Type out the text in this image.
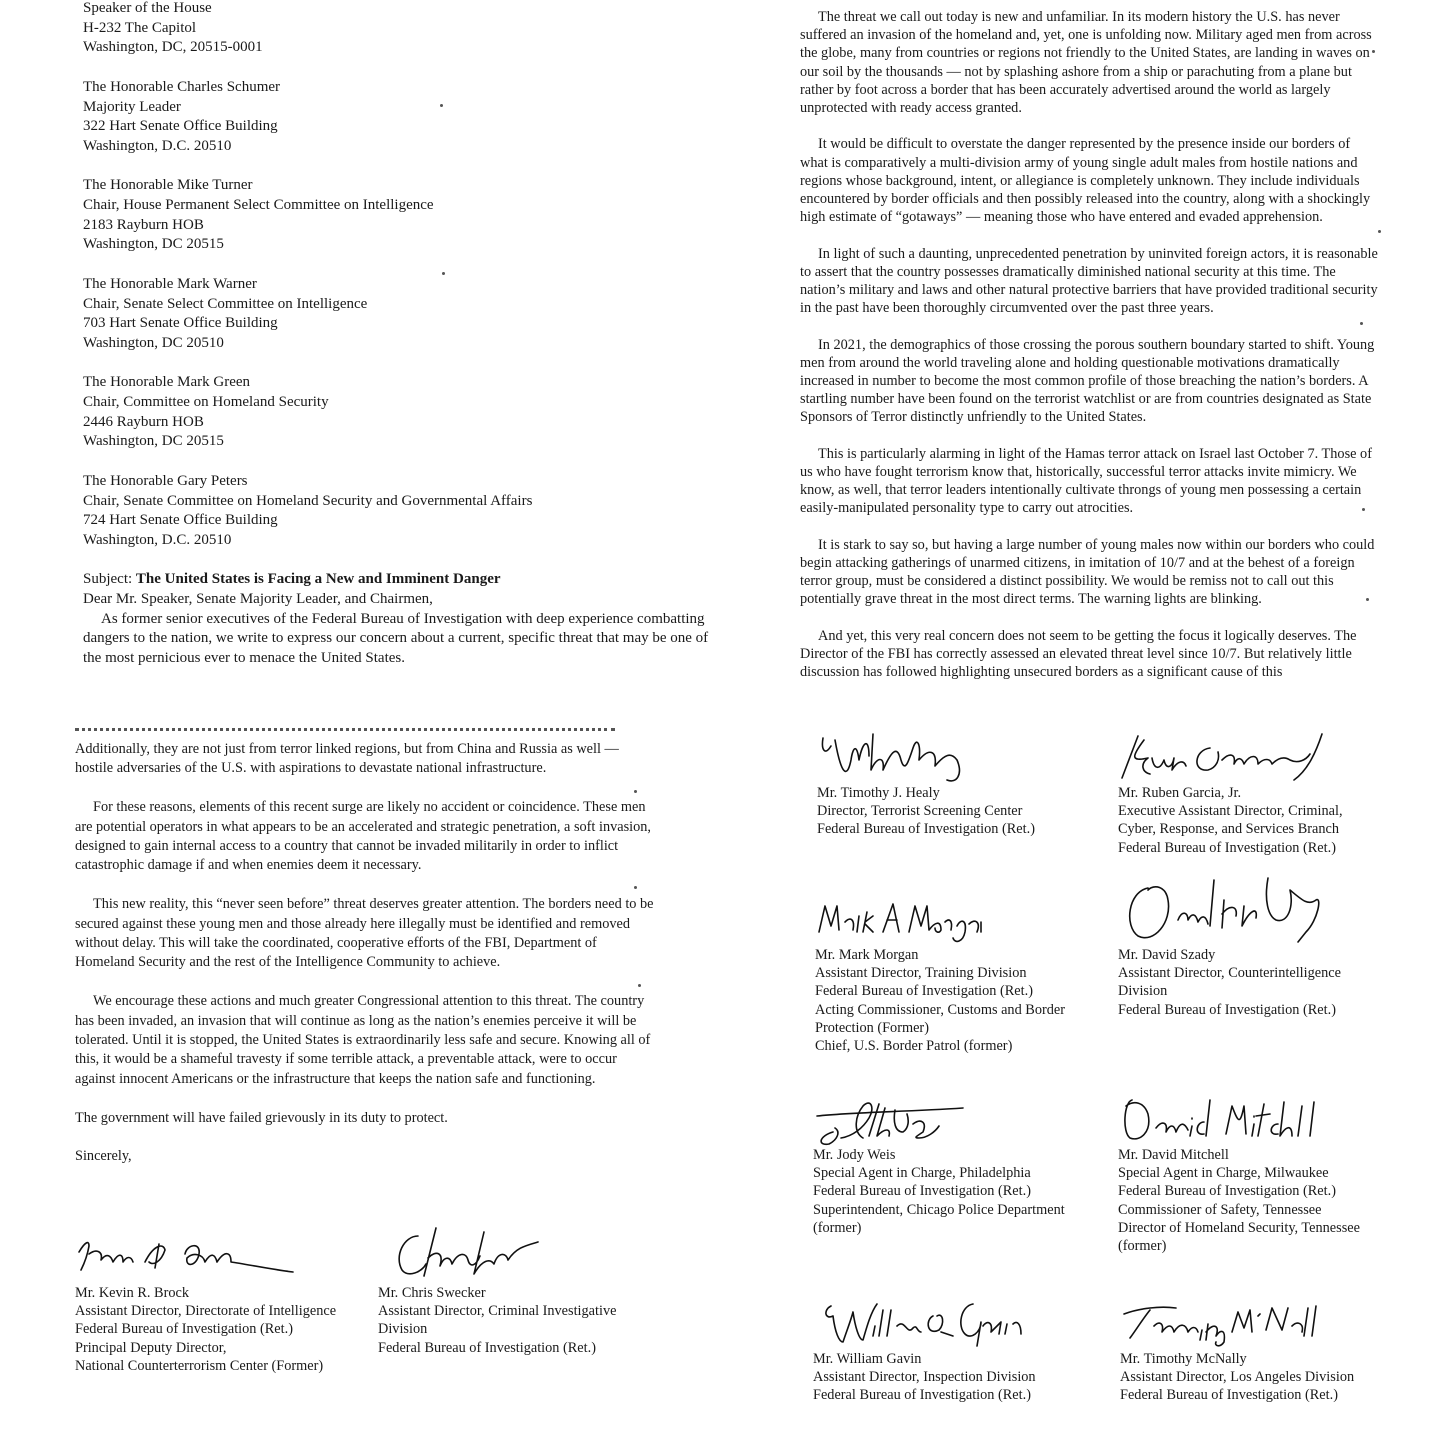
Speaker of the House

H-232 The Capitol

Washington, DC, 20515-0001

The Honorable Charles Schumer

Majority Leader

322 Hart Senate Office Building

Washington, D.C. 20510

The Honorable Mike Turner

Chair, House Permanent Select Committee on Intelligence

2183 Rayburn HOB

Washington, DC 20515

The Honorable Mark Warner

Chair, Senate Select Committee on Intelligence

703 Hart Senate Office Building

Washington, DC 20510

The Honorable Mark Green

Chair, Committee on Homeland Security

2446 Rayburn HOB

Washington, DC 20515

The Honorable Gary Peters

Chair, Senate Committee on Homeland Security and Governmental Affairs

724 Hart Senate Office Building

Washington, D.C. 20510

Subject: The United States is Facing a New and Imminent Danger

Dear Mr. Speaker, Senate Majority Leader, and Chairmen,

As former senior executives of the Federal Bureau of Investigation with deep experience combatting dangers to the nation, we write to express our concern about a current, specific threat that may be one of the most pernicious ever to menace the United States.

The threat we call out today is new and unfamiliar. In its modern history the U.S. has never suffered an invasion of the homeland and, yet, one is unfolding now. Military aged men from across the globe, many from countries or regions not friendly to the United States, are landing in waves on our soil by the thousands — not by splashing ashore from a ship or parachuting from a plane but rather by foot across a border that has been accurately advertised around the world as largely unprotected with ready access granted.

It would be difficult to overstate the danger represented by the presence inside our borders of what is comparatively a multi-division army of young single adult males from hostile nations and regions whose background, intent, or allegiance is completely unknown. They include individuals encountered by border officials and then possibly released into the country, along with a shockingly high estimate of “gotaways” — meaning those who have entered and evaded apprehension.

In light of such a daunting, unprecedented penetration by uninvited foreign actors, it is reasonable to assert that the country possesses dramatically diminished national security at this time. The nation’s military and laws and other natural protective barriers that have provided traditional security in the past have been thoroughly circumvented over the past three years.

In 2021, the demographics of those crossing the porous southern boundary started to shift. Young men from around the world traveling alone and holding questionable motivations dramatically increased in number to become the most common profile of those breaching the nation’s borders. A startling number have been found on the terrorist watchlist or are from countries designated as State Sponsors of Terror distinctly unfriendly to the United States.

This is particularly alarming in light of the Hamas terror attack on Israel last October 7. Those of us who have fought terrorism know that, historically, successful terror attacks invite mimicry. We know, as well, that terror leaders intentionally cultivate throngs of young men possessing a certain easily-manipulated personality type to carry out atrocities.

It is stark to say so, but having a large number of young males now within our borders who could begin attacking gatherings of unarmed citizens, in imitation of 10/7 and at the behest of a foreign terror group, must be considered a distinct possibility. We would be remiss not to call out this potentially grave threat in the most direct terms. The warning lights are blinking.

And yet, this very real concern does not seem to be getting the focus it logically deserves. The Director of the FBI has correctly assessed an elevated threat level since 10/7. But relatively little discussion has followed highlighting unsecured borders as a significant cause of this

Additionally, they are not just from terror linked regions, but from China and Russia as well — hostile adversaries of the U.S. with aspirations to devastate national infrastructure.

For these reasons, elements of this recent surge are likely no accident or coincidence. These men are potential operators in what appears to be an accelerated and strategic penetration, a soft invasion, designed to gain internal access to a country that cannot be invaded militarily in order to inflict catastrophic damage if and when enemies deem it necessary.

This new reality, this “never seen before” threat deserves greater attention. The borders need to be secured against these young men and those already here illegally must be identified and removed without delay. This will take the coordinated, cooperative efforts of the FBI, Department of Homeland Security and the rest of the Intelligence Community to achieve.

We encourage these actions and much greater Congressional attention to this threat. The country has been invaded, an invasion that will continue as long as the nation’s enemies perceive it will be tolerated. Until it is stopped, the United States is extraordinarily less safe and secure. Knowing all of this, it would be a shameful travesty if some terrible attack, a preventable attack, were to occur against innocent Americans or the infrastructure that keeps the nation safe and functioning.

The government will have failed grievously in its duty to protect.

Sincerely,

Mr. Kevin R. Brock
Assistant Director, Directorate of Intelligence
Federal Bureau of Investigation (Ret.)
Principal Deputy Director,
National Counterterrorism Center (Former)
Mr. Chris Swecker
Assistant Director, Criminal Investigative
Division
Federal Bureau of Investigation (Ret.)
Mr. Timothy J. Healy
Director, Terrorist Screening Center
Federal Bureau of Investigation (Ret.)
Mr. Ruben Garcia, Jr.
Executive Assistant Director, Criminal,
Cyber, Response, and Services Branch
Federal Bureau of Investigation (Ret.)
Mr. Mark Morgan
Assistant Director, Training Division
Federal Bureau of Investigation (Ret.)
Acting Commissioner, Customs and Border
Protection (Former)
Chief, U.S. Border Patrol (former)
Mr. David Szady
Assistant Director, Counterintelligence
Division
Federal Bureau of Investigation (Ret.)
Mr. Jody Weis
Special Agent in Charge, Philadelphia
Federal Bureau of Investigation (Ret.)
Superintendent, Chicago Police Department
(former)
Mr. David Mitchell
Special Agent in Charge, Milwaukee
Federal Bureau of Investigation (Ret.)
Commissioner of Safety, Tennessee
Director of Homeland Security, Tennessee
(former)
Mr. William Gavin
Assistant Director, Inspection Division
Federal Bureau of Investigation (Ret.)
Mr. Timothy McNally
Assistant Director, Los Angeles Division
Federal Bureau of Investigation (Ret.)
